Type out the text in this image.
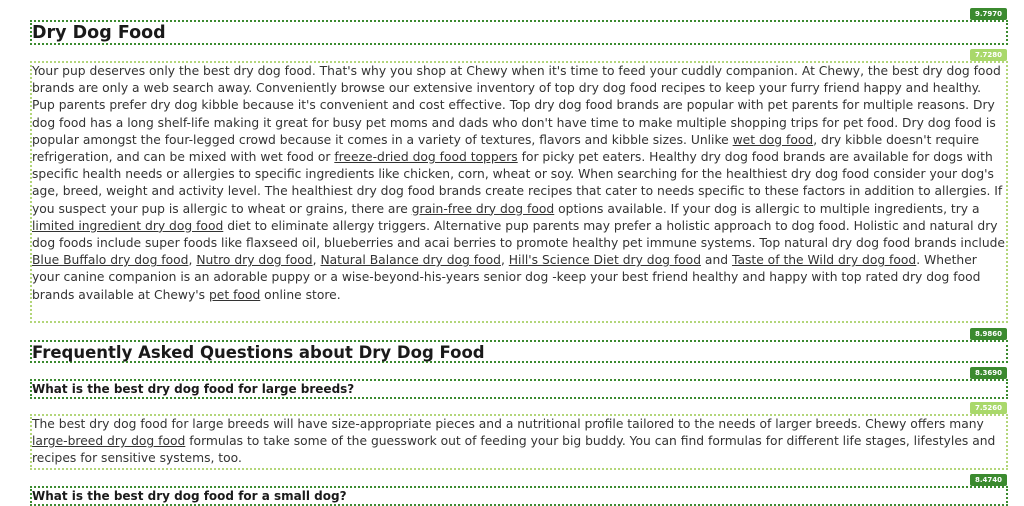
9.7970
Dry Dog Food
7.7280
Your pup deserves only the best dry dog food. That's why you shop at Chewy when it's time to feed your cuddly companion. At Chewy, the best dry dog food brands are only a web search away. Conveniently browse our extensive inventory of top dry dog food recipes to keep your furry friend happy and healthy. Pup parents prefer dry dog kibble because it's convenient and cost effective. Top dry dog food brands are popular with pet parents for multiple reasons. Dry dog food has a long shelf-life making it great for busy pet moms and dads who don't have time to make multiple shopping trips for pet food. Dry dog food is popular amongst the four-legged crowd because it comes in a variety of textures, flavors and kibble sizes. Unlike wet dog food, dry kibble doesn't require refrigeration, and can be mixed with wet food or freeze-dried dog food toppers for picky pet eaters. Healthy dry dog food brands are available for dogs with specific health needs or allergies to specific ingredients like chicken, corn, wheat or soy. When searching for the healthiest dry dog food consider your dog's age, breed, weight and activity level. The healthiest dry dog food brands create recipes that cater to needs specific to these factors in addition to allergies. If you suspect your pup is allergic to wheat or grains, there are grain-free dry dog food options available. If your dog is allergic to multiple ingredients, try a limited ingredient dry dog food diet to eliminate allergy triggers. Alternative pup parents may prefer a holistic approach to dog food. Holistic and natural dry dog foods include super foods like flaxseed oil, blueberries and acai berries to promote healthy pet immune systems. Top natural dry dog food brands include Blue Buffalo dry dog food, Nutro dry dog food, Natural Balance dry dog food, Hill's Science Diet dry dog food and Taste of the Wild dry dog food. Whether your canine companion is an adorable puppy or a wise-beyond-his-years senior dog -keep your best friend healthy and happy with top rated dry dog food brands available at Chewy's pet food online store.
8.9860
Frequently Asked Questions about Dry Dog Food
8.3690
What is the best dry dog food for large breeds?
7.5260
The best dry dog food for large breeds will have size-appropriate pieces and a nutritional profile tailored to the needs of larger breeds. Chewy offers many large-breed dry dog food formulas to take some of the guesswork out of feeding your big buddy. You can find formulas for different life stages, lifestyles and recipes for sensitive systems, too.
8.4740
What is the best dry dog food for a small dog?
